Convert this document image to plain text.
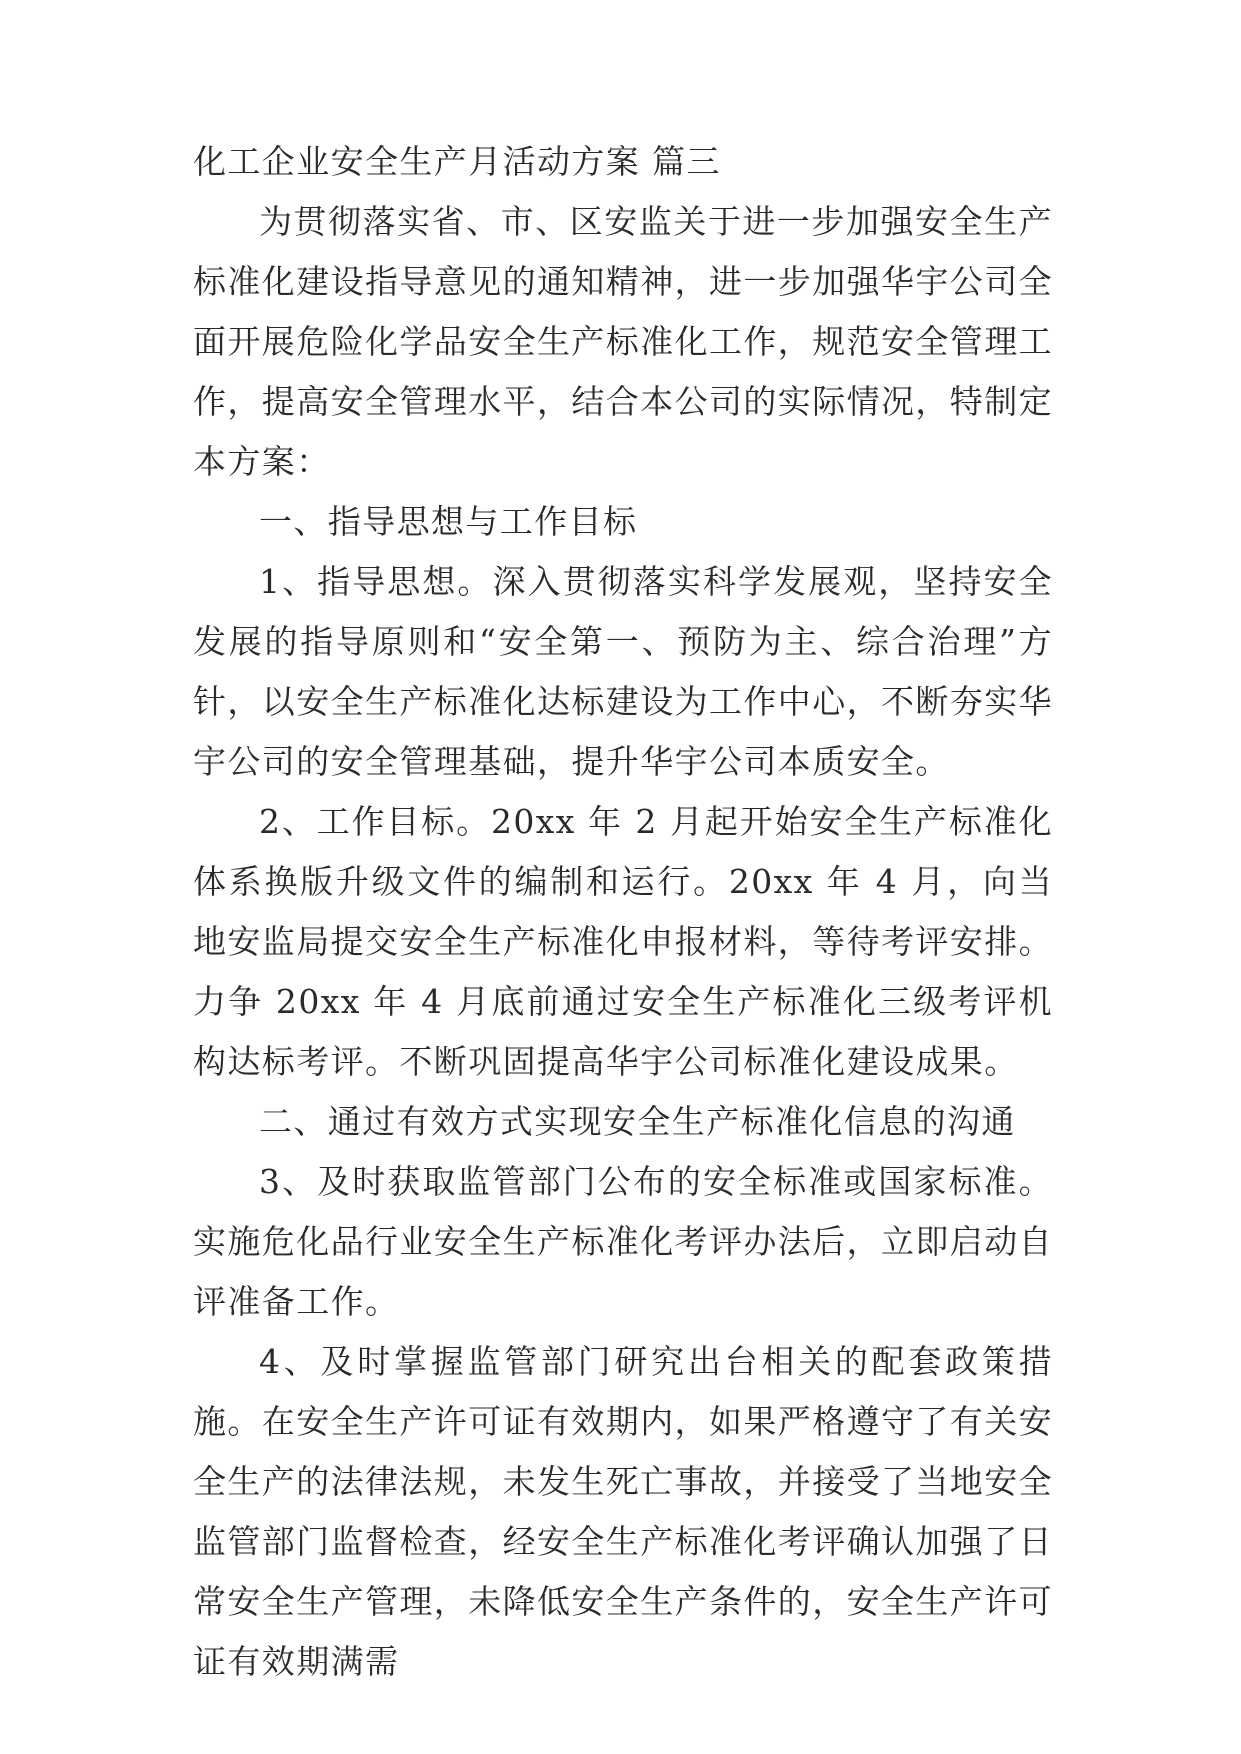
化工企业安全生产月活动方案 篇三

为贯彻落实省、市、区安监关于进一步加强安全生产标准化建设指导意见的通知精神，进一步加强华宇公司全面开展危险化学品安全生产标准化工作，规范安全管理工作，提高安全管理水平，结合本公司的实际情况，特制定本方案：

一、指导思想与工作目标

1、指导思想。深入贯彻落实科学发展观，坚持安全发展的指导原则和“安全第一、预防为主、综合治理”方针，以安全生产标准化达标建设为工作中心，不断夯实华宇公司的安全管理基础，提升华宇公司本质安全。

2、工作目标。20xx 年 2 月起开始安全生产标准化体系换版升级文件的编制和运行。20xx 年 4 月，向当地安监局提交安全生产标准化申报材料，等待考评安排。力争 20xx 年 4 月底前通过安全生产标准化三级考评机构达标考评。不断巩固提高华宇公司标准化建设成果。

二、通过有效方式实现安全生产标准化信息的沟通

3、及时获取监管部门公布的安全标准或国家标准。实施危化品行业安全生产标准化考评办法后，立即启动自评准备工作。

4、及时掌握监管部门研究出台相关的配套政策措施。在安全生产许可证有效期内，如果严格遵守了有关安全生产的法律法规，未发生死亡事故，并接受了当地安全监管部门监督检查，经安全生产标准化考评确认加强了日常安全生产管理，未降低安全生产条件的，安全生产许可证有效期满需
